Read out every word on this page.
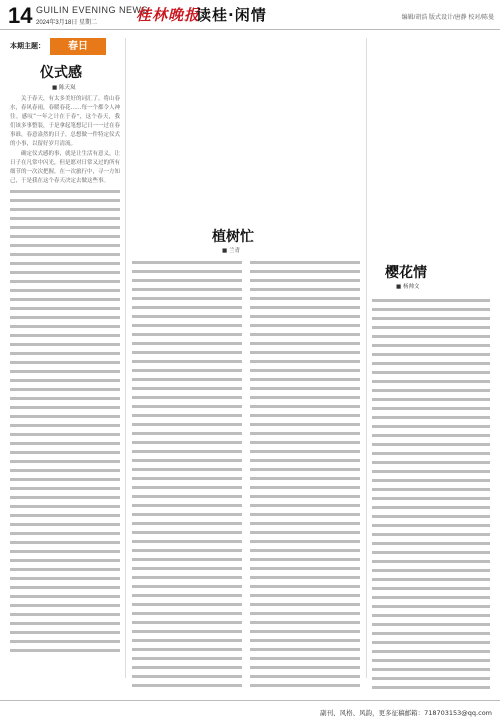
14 GUILIN EVENING NEWS
2024年3月18日 星期二	桂林晚报
读桂·闲情	编辑/胡浩 版式设计/唐静 校对/陈曼
本期主题：	春日
仪式感
■ 陈天岚

关于春天，有太多美好的词汇了。将山春水，春风春雨，春暖春花……每一个都令人神往。感叹“一年之计在于春”，这个春天，我们该多事整装，于是拿起笔想记日一一过在春事谁，春意盎然的日子，总想做一件特定仪式的小事，以留好岁月清流。

确定仪式感的事，就是让生活有意义，让日子在凡常中闪光，但是愿对日常又过的所有细节的一次次把握，在一次旅行中，寻一方知己，于是我在这个春天决定去做这些事。

植树忙
■ 兰青
樱花情
■ 杨帅文
副刊、风格、风韵，更多征稿邮箱：718703153@qq.com
